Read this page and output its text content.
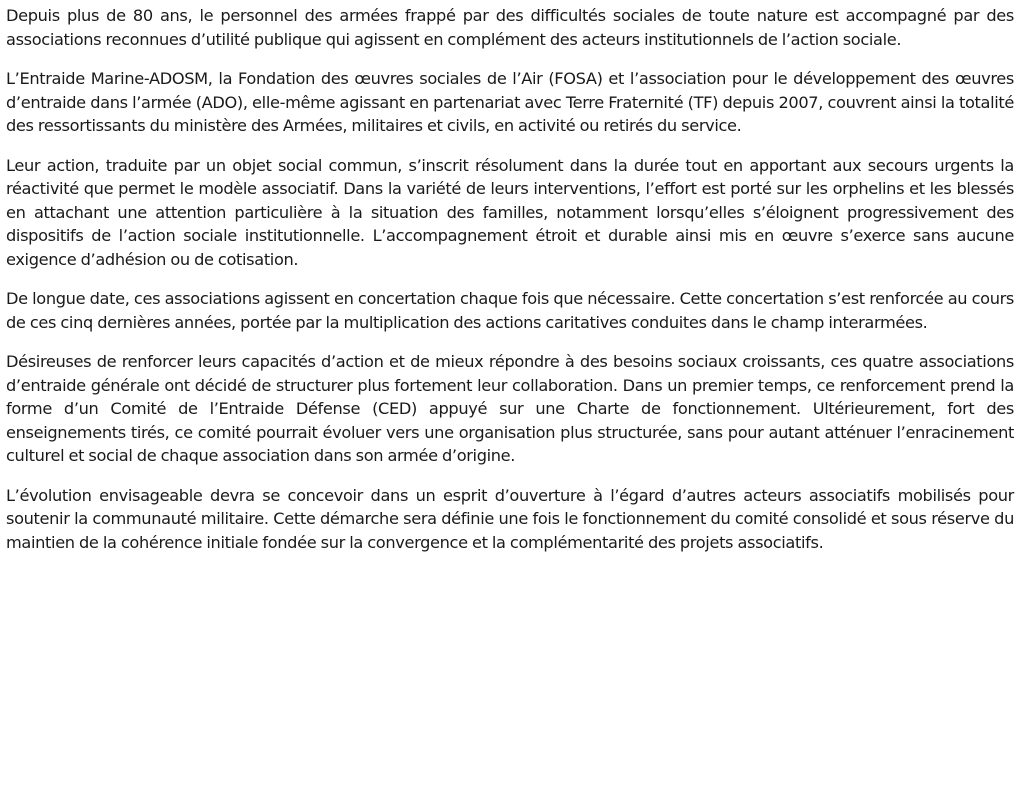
Depuis plus de 80 ans, le personnel des armées frappé par des difficultés sociales de toute nature est accompagné par des associations reconnues d’utilité publique qui agissent en complément des acteurs institutionnels de l’action sociale.

L’Entraide Marine-ADOSM, la Fondation des œuvres sociales de l’Air (FOSA) et l’association pour le développement des œuvres d’entraide dans l’armée (ADO), elle-même agissant en partenariat avec Terre Fraternité (TF) depuis 2007, couvrent ainsi la totalité des ressortissants du ministère des Armées, militaires et civils, en activité ou retirés du service.

Leur action, traduite par un objet social commun, s’inscrit résolument dans la durée tout en apportant aux secours urgents la réactivité que permet le modèle associatif. Dans la variété de leurs interventions, l’effort est porté sur les orphelins et les blessés en attachant une attention particulière à la situation des familles, notamment lorsqu’elles s’éloignent progressivement des dispositifs de l’action sociale institutionnelle. L’accompagnement étroit et durable ainsi mis en œuvre s’exerce sans aucune exigence d’adhésion ou de cotisation.

De longue date, ces associations agissent en concertation chaque fois que nécessaire. Cette concertation s’est renforcée au cours de ces cinq dernières années, portée par la multiplication des actions caritatives conduites dans le champ interarmées.

Désireuses de renforcer leurs capacités d’action et de mieux répondre à des besoins sociaux croissants, ces quatre associations d’entraide générale ont décidé de structurer plus fortement leur collaboration. Dans un premier temps, ce renforcement prend la forme d’un Comité de l’Entraide Défense (CED) appuyé sur une Charte de fonctionnement. Ultérieurement, fort des enseignements tirés, ce comité pourrait évoluer vers une organisation plus structurée, sans pour autant atténuer l’enracinement culturel et social de chaque association dans son armée d’origine.

L’évolution envisageable devra se concevoir dans un esprit d’ouverture à l’égard d’autres acteurs associatifs mobilisés pour soutenir la communauté militaire. Cette démarche sera définie une fois le fonctionnement du comité consolidé et sous réserve du maintien de la cohérence initiale fondée sur la convergence et la complémentarité des projets associatifs.
